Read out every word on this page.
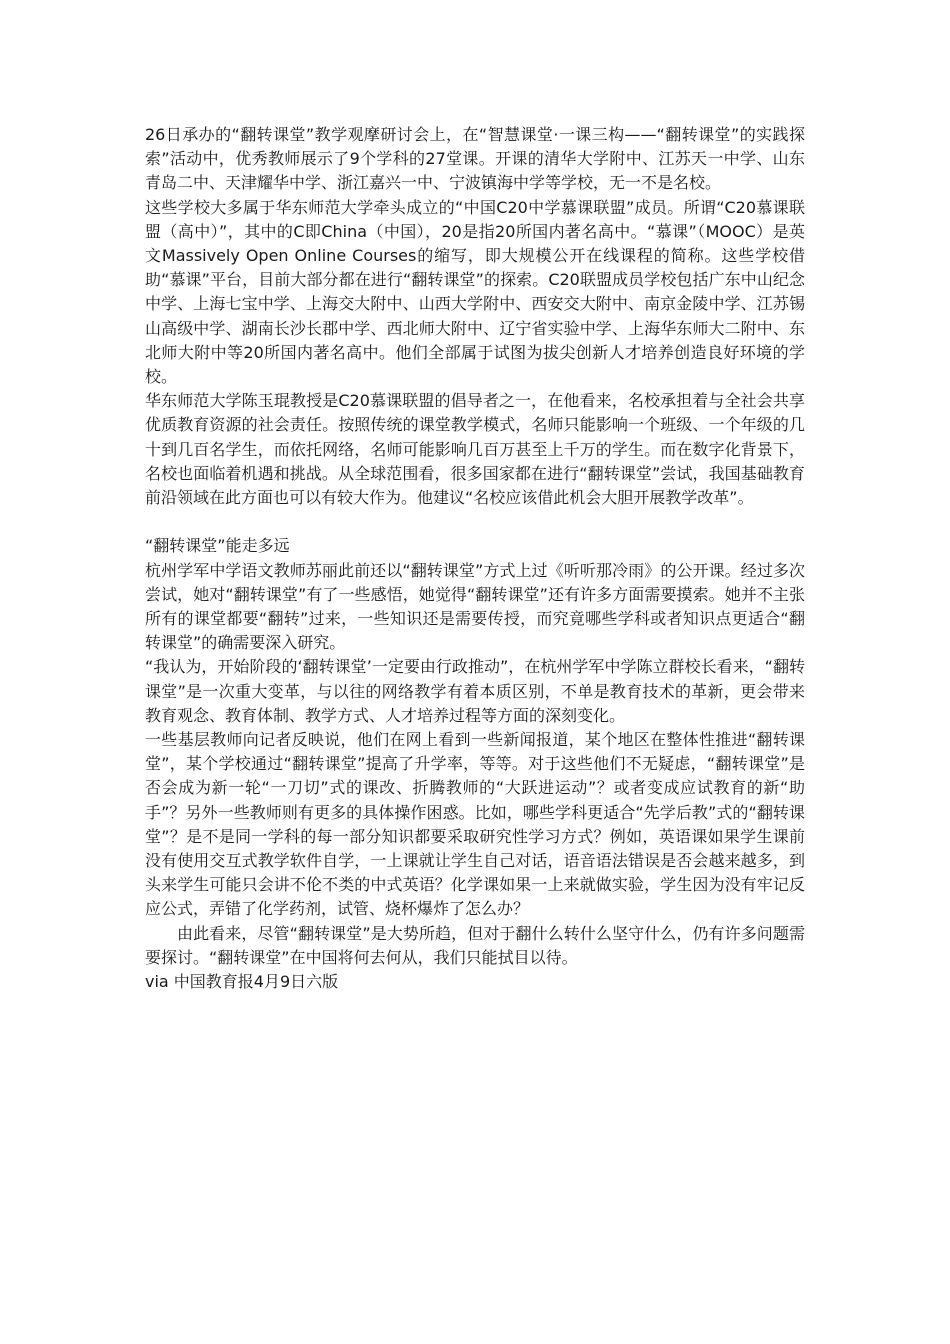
26日承办的“翻转课堂”教学观摩研讨会上，在“智慧课堂·一课三构——“翻转课堂”的实践探索”活动中，优秀教师展示了9个学科的27堂课。开课的清华大学附中、江苏天一中学、山东青岛二中、天津耀华中学、浙江嘉兴一中、宁波镇海中学等学校，无一不是名校。

这些学校大多属于华东师范大学牵头成立的“中国C20中学慕课联盟”成员。所谓“C20慕课联盟（高中）”，其中的C即China（中国），20是指20所国内著名高中。“慕课”（MOOC）是英文Massively Open Online Courses的缩写，即大规模公开在线课程的简称。这些学校借助“慕课”平台，目前大部分都在进行“翻转课堂”的探索。C20联盟成员学校包括广东中山纪念中学、上海七宝中学、上海交大附中、山西大学附中、西安交大附中、南京金陵中学、江苏锡山高级中学、湖南长沙长郡中学、西北师大附中、辽宁省实验中学、上海华东师大二附中、东北师大附中等20所国内著名高中。他们全部属于试图为拔尖创新人才培养创造良好环境的学校。

华东师范大学陈玉琨教授是C20慕课联盟的倡导者之一，在他看来，名校承担着与全社会共享优质教育资源的社会责任。按照传统的课堂教学模式，名师只能影响一个班级、一个年级的几十到几百名学生，而依托网络，名师可能影响几百万甚至上千万的学生。而在数字化背景下，名校也面临着机遇和挑战。从全球范围看，很多国家都在进行“翻转课堂”尝试，我国基础教育前沿领域在此方面也可以有较大作为。他建议“名校应该借此机会大胆开展教学改革”。

“翻转课堂”能走多远

杭州学军中学语文教师苏丽此前还以“翻转课堂”方式上过《听听那冷雨》的公开课。经过多次尝试，她对“翻转课堂”有了一些感悟，她觉得“翻转课堂”还有许多方面需要摸索。她并不主张所有的课堂都要“翻转”过来，一些知识还是需要传授，而究竟哪些学科或者知识点更适合“翻转课堂”的确需要深入研究。

“我认为，开始阶段的‘翻转课堂’一定要由行政推动”，在杭州学军中学陈立群校长看来，“翻转课堂”是一次重大变革，与以往的网络教学有着本质区别，不单是教育技术的革新，更会带来教育观念、教育体制、教学方式、人才培养过程等方面的深刻变化。

一些基层教师向记者反映说，他们在网上看到一些新闻报道，某个地区在整体性推进“翻转课堂”，某个学校通过“翻转课堂”提高了升学率，等等。对于这些他们不无疑虑，“翻转课堂”是否会成为新一轮“一刀切”式的课改、折腾教师的“大跃进运动”？或者变成应试教育的新“助手”？另外一些教师则有更多的具体操作困惑。比如，哪些学科更适合“先学后教”式的“翻转课堂”？是不是同一学科的每一部分知识都要采取研究性学习方式？例如，英语课如果学生课前没有使用交互式教学软件自学，一上课就让学生自己对话，语音语法错误是否会越来越多，到头来学生可能只会讲不伦不类的中式英语？化学课如果一上来就做实验，学生因为没有牢记反应公式，弄错了化学药剂，试管、烧杯爆炸了怎么办？

由此看来，尽管“翻转课堂”是大势所趋，但对于翻什么转什么坚守什么，仍有许多问题需要探讨。“翻转课堂”在中国将何去何从，我们只能拭目以待。

via 中国教育报4月9日六版
